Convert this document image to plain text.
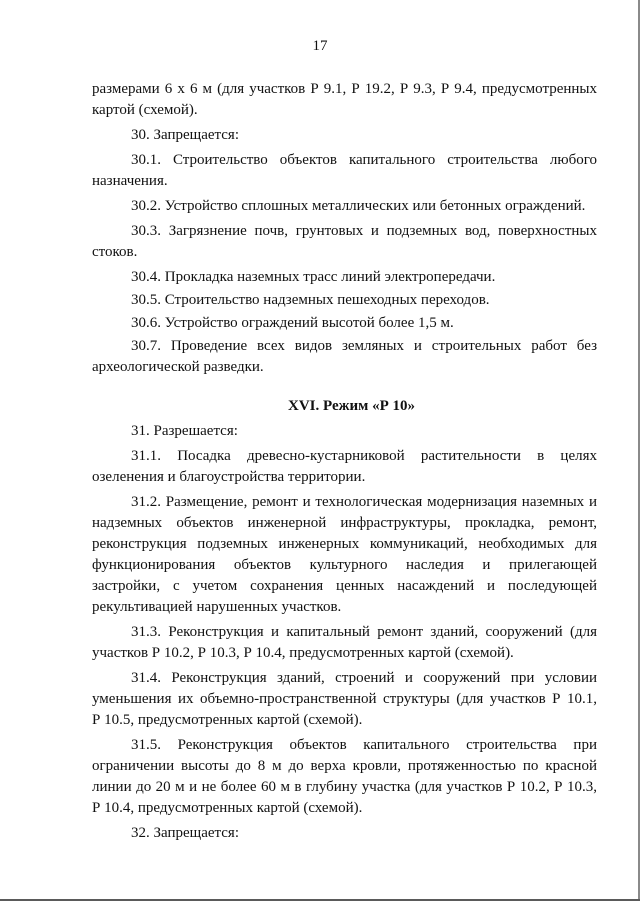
17
размерами 6 х 6 м (для участков Р 9.1, Р 19.2, Р 9.3, Р 9.4, предусмотренных
картой (схемой).
30. Запрещается:
30.1. Строительство объектов капитального строительства любого
назначения.
30.2. Устройство сплошных металлических или бетонных ограждений.
30.3. Загрязнение почв, грунтовых и подземных вод, поверхностных
стоков.
30.4. Прокладка наземных трасс линий электропередачи.
30.5. Строительство надземных пешеходных переходов.
30.6. Устройство ограждений высотой более 1,5 м.
30.7. Проведение всех видов земляных и строительных работ без
археологической разведки.
XVI. Режим «Р 10»
31. Разрешается:
31.1. Посадка древесно-кустарниковой растительности в целях
озеленения и благоустройства территории.
31.2. Размещение, ремонт и технологическая модернизация наземных и
надземных объектов инженерной инфраструктуры, прокладка, ремонт,
реконструкция подземных инженерных коммуникаций, необходимых для
функционирования объектов культурного наследия и прилегающей
застройки, с учетом сохранения ценных насаждений и последующей
рекультивацией нарушенных участков.
31.3. Реконструкция и капитальный ремонт зданий, сооружений (для
участков Р 10.2, Р 10.3, Р 10.4, предусмотренных картой (схемой).
31.4. Реконструкция зданий, строений и сооружений при условии
уменьшения их объемно-пространственной структуры (для участков Р 10.1,
Р 10.5, предусмотренных картой (схемой).
31.5. Реконструкция объектов капитального строительства при
ограничении высоты до 8 м до верха кровли, протяженностью по красной
линии до 20 м и не более 60 м в глубину участка (для участков Р 10.2, Р 10.3,
Р 10.4, предусмотренных картой (схемой).
32. Запрещается:
